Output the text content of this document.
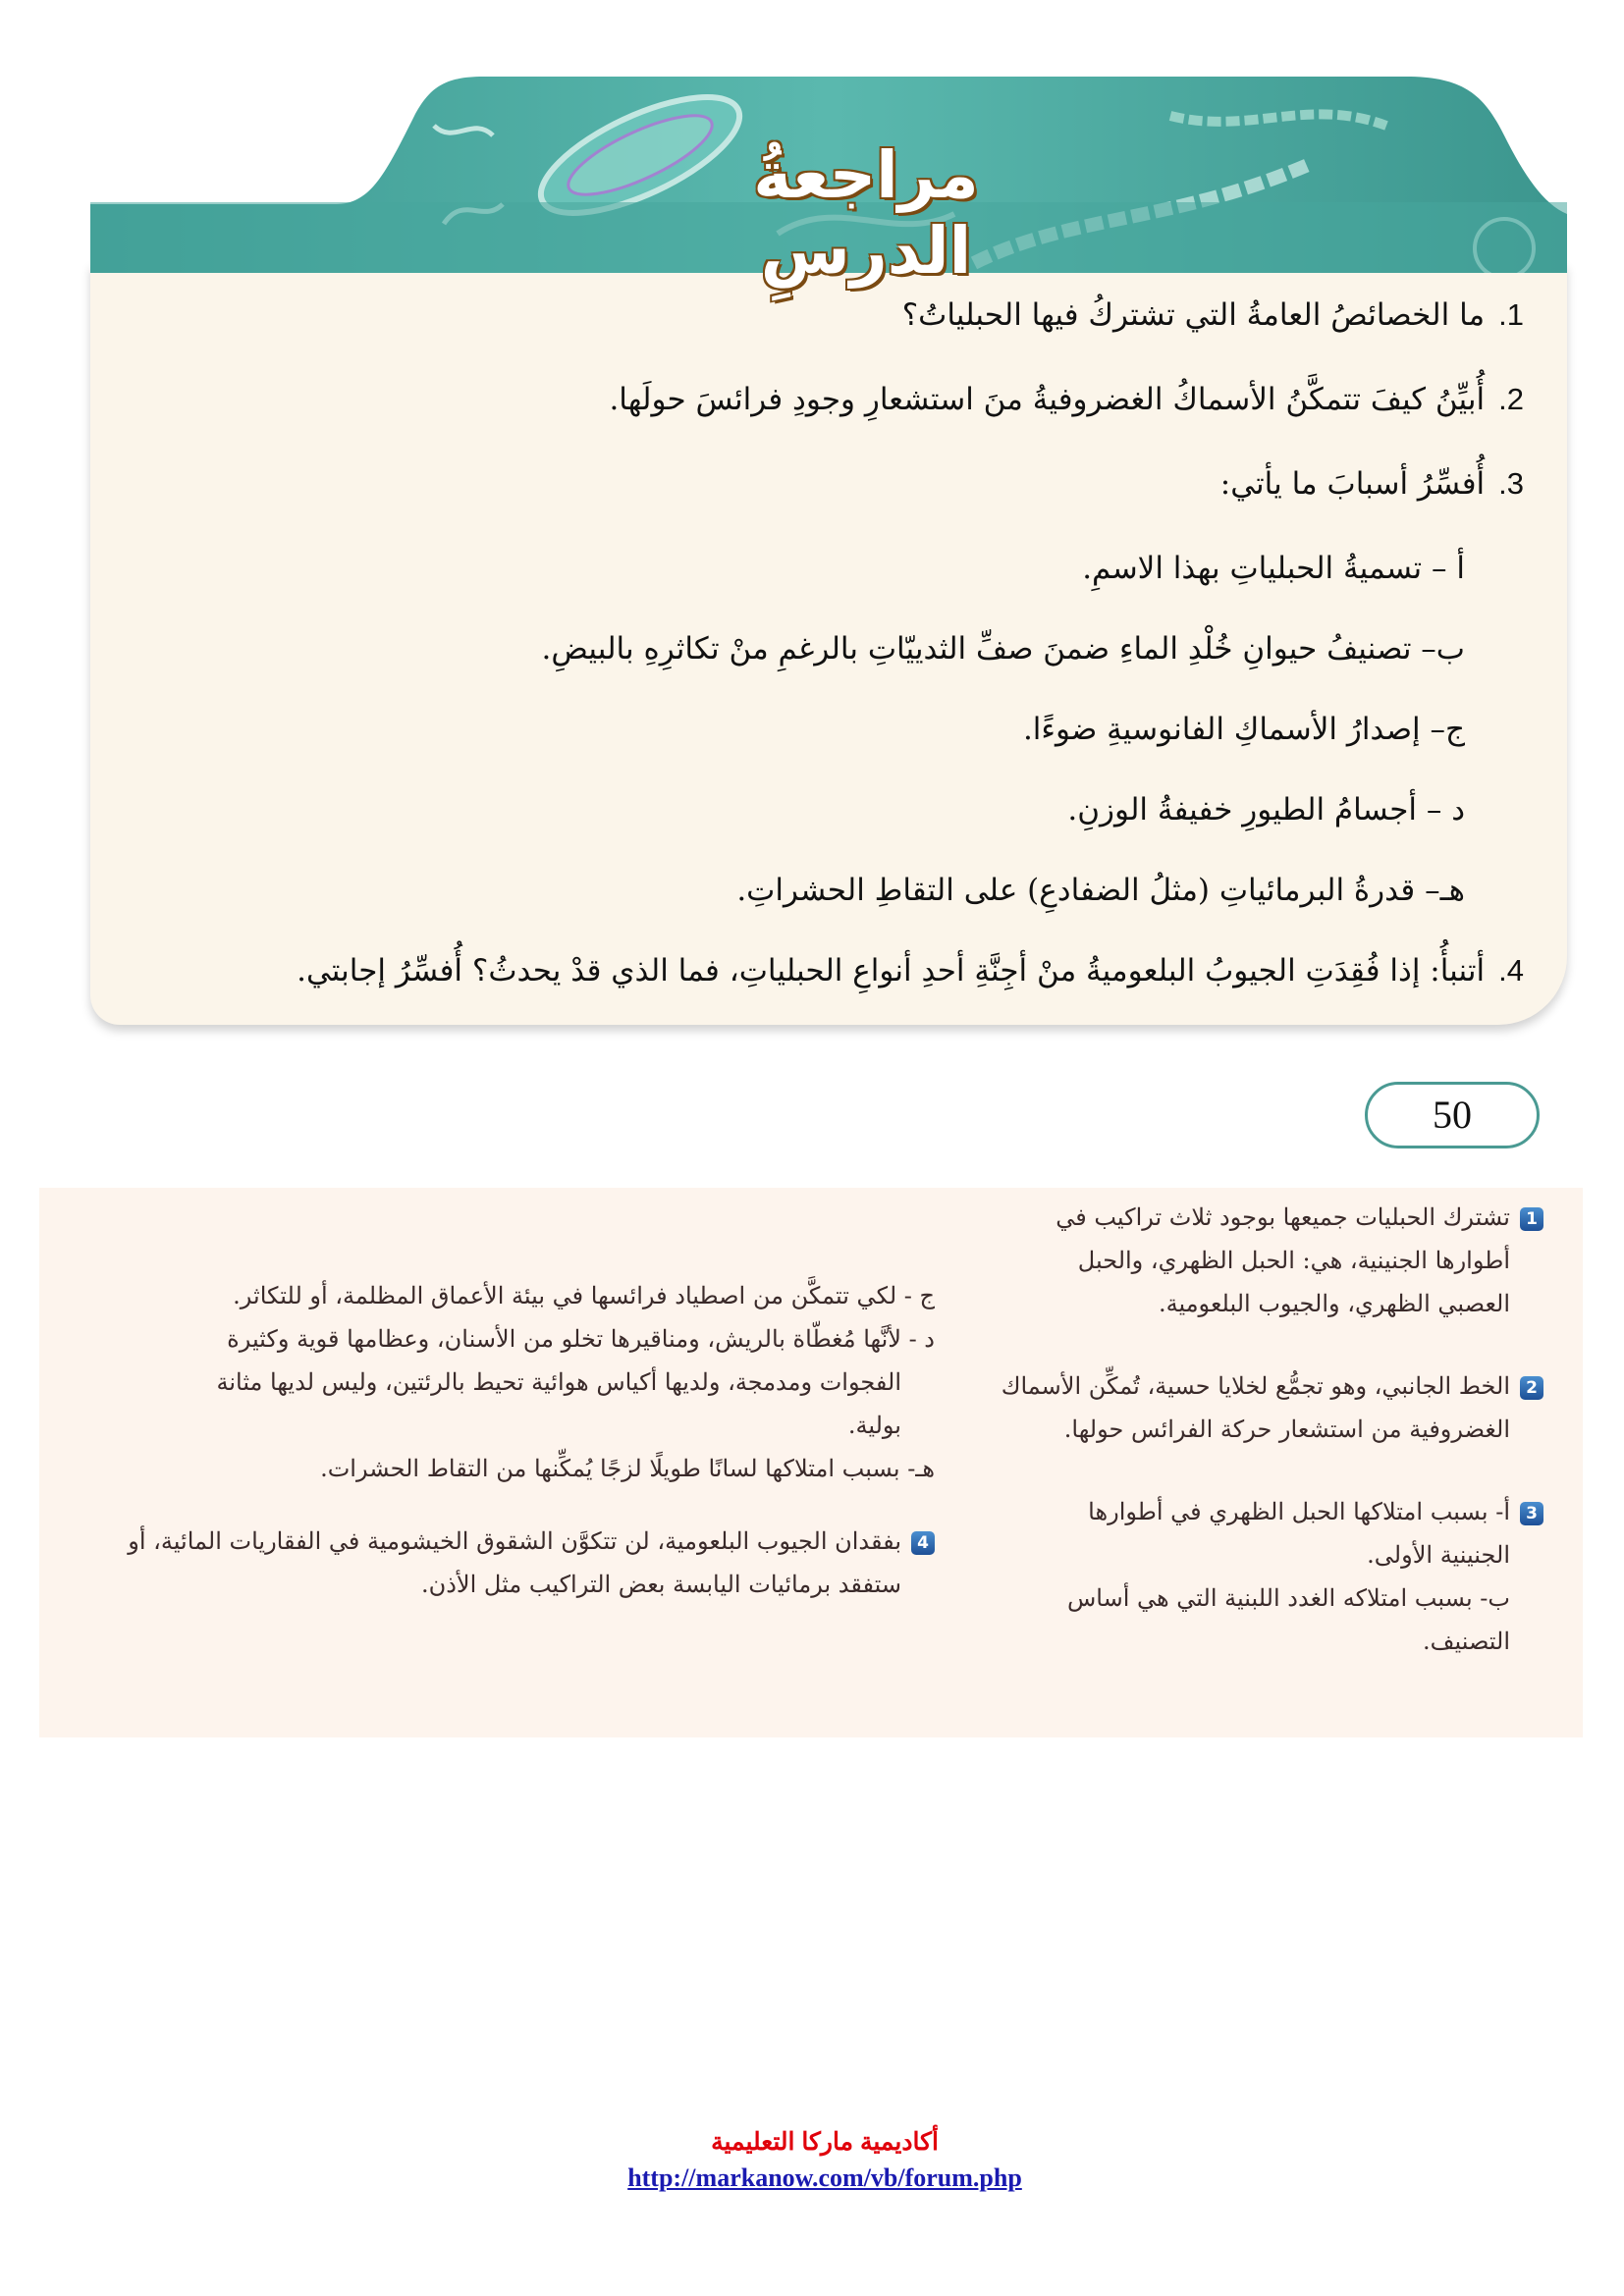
مراجعةُ الدرسِ
1.ما الخصائصُ العامةُ التي تشتركُ فيها الحبلياتُ؟
2.أُبيِّنُ كيفَ تتمكَّنُ الأسماكُ الغضروفيةُ منَ استشعارِ وجودِ فرائسَ حولَها.
3.أُفسِّرُ أسبابَ ما يأتي:
أ – تسميةُ الحبلياتِ بهذا الاسمِ.
ب– تصنيفُ حيوانِ خُلْدِ الماءِ ضمنَ صفِّ الثدييّاتِ بالرغمِ منْ تكاثرِهِ بالبيضِ.
ج– إصدارُ الأسماكِ الفانوسيةِ ضوءًا.
د – أجسامُ الطيورِ خفيفةُ الوزنِ.
هـ– قدرةُ البرمائياتِ (مثلُ الضفادعِ) على التقاطِ الحشراتِ.
4.أتنبأُ: إذا فُقِدَتِ الجيوبُ البلعوميةُ منْ أجِنَّةِ أحدِ أنواعِ الحبلياتِ، فما الذي قدْ يحدثُ؟ أُفسِّرُ إجابتي.
50
1تشترك الحبليات جميعها بوجود ثلاث تراكيب في
أطوارها الجنينية، هي: الحبل الظهري، والحبل
العصبي الظهري، والجيوب البلعومية.
2الخط الجانبي، وهو تجمُّع لخلايا حسية، تُمكِّن الأسماك
الغضروفية من استشعار حركة الفرائس حولها.
3أ- بسبب امتلاكها الحبل الظهري في أطوارها
الجنينية الأولى.
ب- بسبب امتلاكه الغدد اللبنية التي هي أساس
التصنيف.
ج - لكي تتمكَّن من اصطياد فرائسها في بيئة الأعماق المظلمة، أو للتكاثر.
د - لأنَّها مُغطّاة بالريش، ومناقيرها تخلو من الأسنان، وعظامها قوية وكثيرة
الفجوات ومدمجة، ولديها أكياس هوائية تحيط بالرئتين، وليس لديها مثانة
بولية.
هـ- بسبب امتلاكها لسانًا طويلًا لزجًا يُمكِّنها من التقاط الحشرات.
4بفقدان الجيوب البلعومية، لن تتكوَّن الشقوق الخيشومية في الفقاريات المائية، أو
ستفقد برمائيات اليابسة بعض التراكيب مثل الأذن.
أكاديمية ماركا التعليمية
http://markanow.com/vb/forum.php
